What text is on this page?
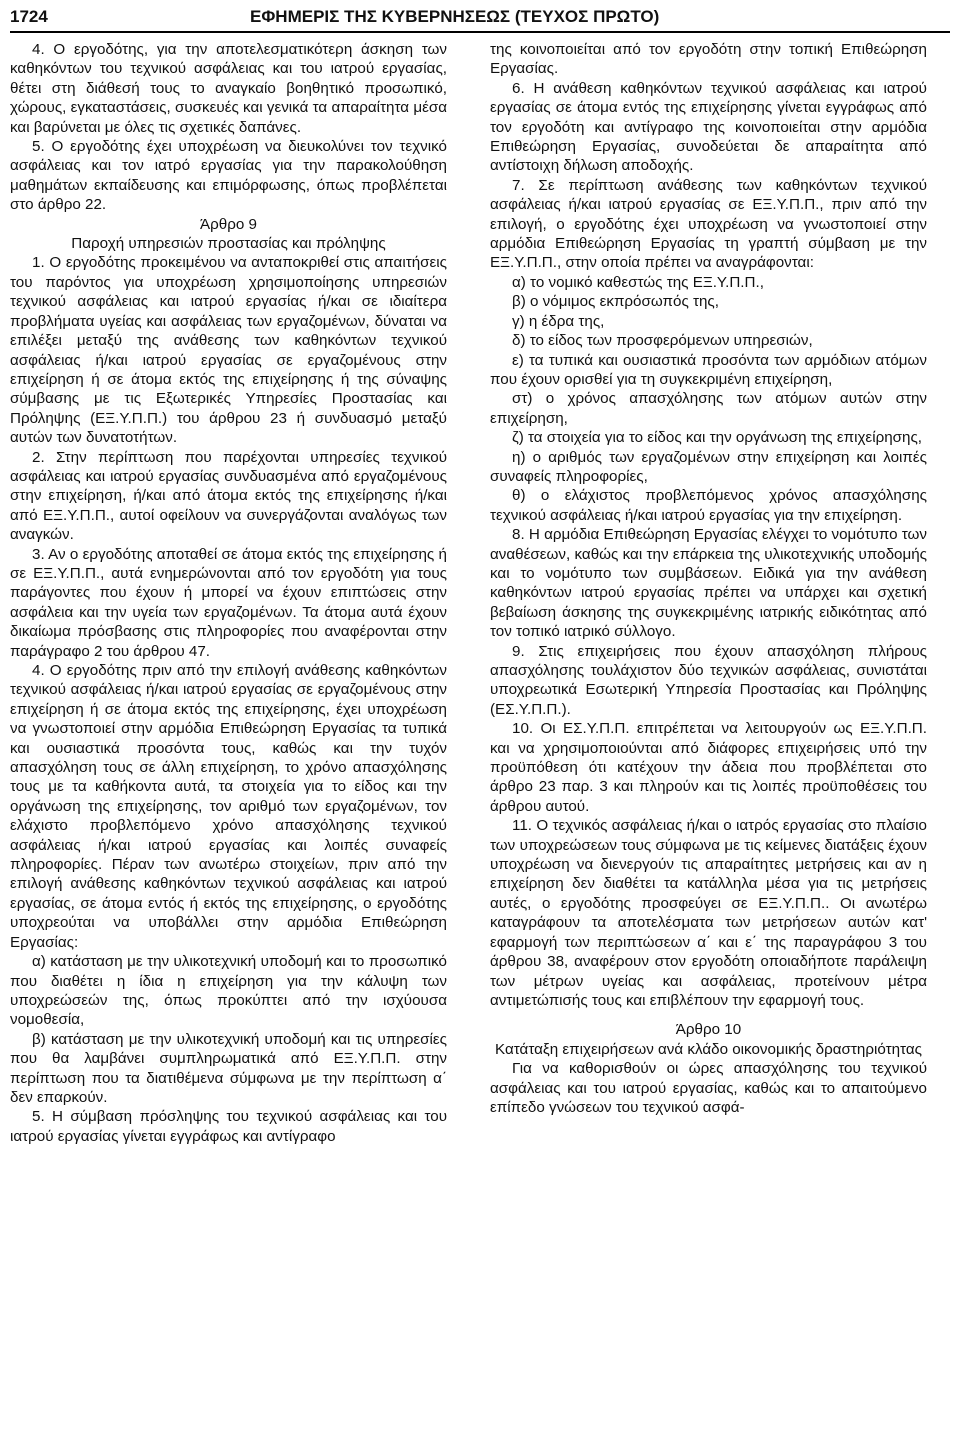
1724	ΕΦΗΜΕΡΙΣ ΤΗΣ ΚΥΒΕΡΝΗΣΕΩΣ (ΤΕΥΧΟΣ ΠΡΩΤΟ)

4. Ο εργοδότης, για την αποτελεσματικότερη άσκηση των καθηκόντων του τεχνικού ασφάλειας και του ιατρού εργασίας, θέτει στη διάθεσή τους το αναγκαίο βοηθητικό προσωπικό, χώρους, εγκαταστάσεις, συσκευές και γενικά τα απαραίτητα μέσα και βαρύνεται με όλες τις σχετικές δαπάνες.

5. Ο εργοδότης έχει υποχρέωση να διευκολύνει τον τεχνικό ασφάλειας και τον ιατρό εργασίας για την παρακολούθηση μαθημάτων εκπαίδευσης και επιμόρφωσης, όπως προβλέπεται στο άρθρο 22.

Άρθρο 9

Παροχή υπηρεσιών προστασίας και πρόληψης

1. Ο εργοδότης προκειμένου να ανταποκριθεί στις απαιτήσεις του παρόντος για υποχρέωση χρησιμοποίησης υπηρεσιών τεχνικού ασφάλειας και ιατρού εργασίας ή/και σε ιδιαίτερα προβλήματα υγείας και ασφάλειας των εργαζομένων, δύναται να επιλέξει μεταξύ της ανάθεσης των καθηκόντων τεχνικού ασφάλειας ή/και ιατρού εργασίας σε εργαζομένους στην επιχείρηση ή σε άτομα εκτός της επιχείρησης ή της σύναψης σύμβασης με τις Εξωτερικές Υπηρεσίες Προστασίας και Πρόληψης (ΕΞ.Υ.Π.Π.) του άρθρου 23 ή συνδυασμό μεταξύ αυτών των δυνατοτήτων.

2. Στην περίπτωση που παρέχονται υπηρεσίες τεχνικού ασφάλειας και ιατρού εργασίας συνδυασμένα από εργαζομένους στην επιχείρηση, ή/και από άτομα εκτός της επιχείρησης ή/και από ΕΞ.Υ.Π.Π., αυτοί οφείλουν να συνεργάζονται αναλόγως των αναγκών.

3. Αν ο εργοδότης αποταθεί σε άτομα εκτός της επιχείρησης ή σε ΕΞ.Υ.Π.Π., αυτά ενημερώνονται από τον εργοδότη για τους παράγοντες που έχουν ή μπορεί να έχουν επιπτώσεις στην ασφάλεια και την υγεία των εργαζομένων. Τα άτομα αυτά έχουν δικαίωμα πρόσβασης στις πληροφορίες που αναφέρονται στην παράγραφο 2 του άρθρου 47.

4. Ο εργοδότης πριν από την επιλογή ανάθεσης καθηκόντων τεχνικού ασφάλειας ή/και ιατρού εργασίας σε εργαζομένους στην επιχείρηση ή σε άτομα εκτός της επιχείρησης, έχει υποχρέωση να γνωστοποιεί στην αρμόδια Επιθεώρηση Εργασίας τα τυπικά και ουσιαστικά προσόντα τους, καθώς και την τυχόν απασχόληση τους σε άλλη επιχείρηση, το χρόνο απασχόλησης τους με τα καθήκοντα αυτά, τα στοιχεία για το είδος και την οργάνωση της επιχείρησης, τον αριθμό των εργαζομένων, τον ελάχιστο προβλεπόμενο χρόνο απασχόλησης τεχνικού ασφάλειας ή/και ιατρού εργασίας και λοιπές συναφείς πληροφορίες. Πέραν των ανωτέρω στοιχείων, πριν από την επιλογή ανάθεσης καθηκόντων τεχνικού ασφάλειας και ιατρού εργασίας, σε άτομα εντός ή εκτός της επιχείρησης, ο εργοδότης υποχρεούται να υποβάλλει στην αρμόδια Επιθεώρηση Εργασίας:

α) κατάσταση με την υλικοτεχνική υποδομή και το προσωπικό που διαθέτει η ίδια η επιχείρηση για την κάλυψη των υποχρεώσεών της, όπως προκύπτει από την ισχύουσα νομοθεσία,

β) κατάσταση με την υλικοτεχνική υποδομή και τις υπηρεσίες που θα λαμβάνει συμπληρωματικά από ΕΞ.Υ.Π.Π. στην περίπτωση που τα διατιθέμενα σύμφωνα με την περίπτωση α΄ δεν επαρκούν.

5. Η σύμβαση πρόσληψης του τεχνικού ασφάλειας και του ιατρού εργασίας γίνεται εγγράφως και αντίγραφο

της κοινοποιείται από τον εργοδότη στην τοπική Επιθεώρηση Εργασίας.

6. Η ανάθεση καθηκόντων τεχνικού ασφάλειας και ιατρού εργασίας σε άτομα εντός της επιχείρησης γίνεται εγγράφως από τον εργοδότη και αντίγραφο της κοινοποιείται στην αρμόδια Επιθεώρηση Εργασίας, συνοδεύεται δε απαραίτητα από αντίστοιχη δήλωση αποδοχής.

7. Σε περίπτωση ανάθεσης των καθηκόντων τεχνικού ασφάλειας ή/και ιατρού εργασίας σε ΕΞ.Υ.Π.Π., πριν από την επιλογή, ο εργοδότης έχει υποχρέωση να γνωστοποιεί στην αρμόδια Επιθεώρηση Εργασίας τη γραπτή σύμβαση με την ΕΞ.Υ.Π.Π., στην οποία πρέπει να αναγράφονται:

α) το νομικό καθεστώς της ΕΞ.Υ.Π.Π.,

β) ο νόμιμος εκπρόσωπός της,

γ) η έδρα της,

δ) το είδος των προσφερόμενων υπηρεσιών,

ε) τα τυπικά και ουσιαστικά προσόντα των αρμόδιων ατόμων που έχουν ορισθεί για τη συγκεκριμένη επιχείρηση,

στ) ο χρόνος απασχόλησης των ατόμων αυτών στην επιχείρηση,

ζ) τα στοιχεία για το είδος και την οργάνωση της επιχείρησης,

η) ο αριθμός των εργαζομένων στην επιχείρηση και λοιπές συναφείς πληροφορίες,

θ) ο ελάχιστος προβλεπόμενος χρόνος απασχόλησης τεχνικού ασφάλειας ή/και ιατρού εργασίας για την επιχείρηση.

8. Η αρμόδια Επιθεώρηση Εργασίας ελέγχει το νομότυπο των αναθέσεων, καθώς και την επάρκεια της υλικοτεχνικής υποδομής και το νομότυπο των συμβάσεων. Ειδικά για την ανάθεση καθηκόντων ιατρού εργασίας πρέπει να υπάρχει και σχετική βεβαίωση άσκησης της συγκεκριμένης ιατρικής ειδικότητας από τον τοπικό ιατρικό σύλλογο.

9. Στις επιχειρήσεις που έχουν απασχόληση πλήρους απασχόλησης τουλάχιστον δύο τεχνικών ασφάλειας, συνιστάται υποχρεωτικά Εσωτερική Υπηρεσία Προστασίας και Πρόληψης (ΕΣ.Υ.Π.Π.).

10. Οι ΕΣ.Υ.Π.Π. επιτρέπεται να λειτουργούν ως ΕΞ.Υ.Π.Π. και να χρησιμοποιούνται από διάφορες επιχειρήσεις υπό την προϋπόθεση ότι κατέχουν την άδεια που προβλέπεται στο άρθρο 23 παρ. 3 και πληρούν και τις λοιπές προϋποθέσεις του άρθρου αυτού.

11. Ο τεχνικός ασφάλειας ή/και ο ιατρός εργασίας στο πλαίσιο των υποχρεώσεων τους σύμφωνα με τις κείμενες διατάξεις έχουν υποχρέωση να διενεργούν τις απαραίτητες μετρήσεις και αν η επιχείρηση δεν διαθέτει τα κατάλληλα μέσα για τις μετρήσεις αυτές, ο εργοδότης προσφεύγει σε ΕΞ.Υ.Π.Π.. Οι ανωτέρω καταγράφουν τα αποτελέσματα των μετρήσεων αυτών κατ' εφαρμογή των περιπτώσεων α΄ και ε΄ της παραγράφου 3 του άρθρου 38, αναφέρουν στον εργοδότη οποιαδήποτε παράλειψη των μέτρων υγείας και ασφάλειας, προτείνουν μέτρα αντιμετώπισής τους και επιβλέπουν την εφαρμογή τους.

Άρθρο 10

Κατάταξη επιχειρήσεων ανά κλάδο οικονομικής δραστηριότητας

Για να καθορισθούν οι ώρες απασχόλησης του τεχνικού ασφάλειας και του ιατρού εργασίας, καθώς και το απαιτούμενο επίπεδο γνώσεων του τεχνικού ασφά-
